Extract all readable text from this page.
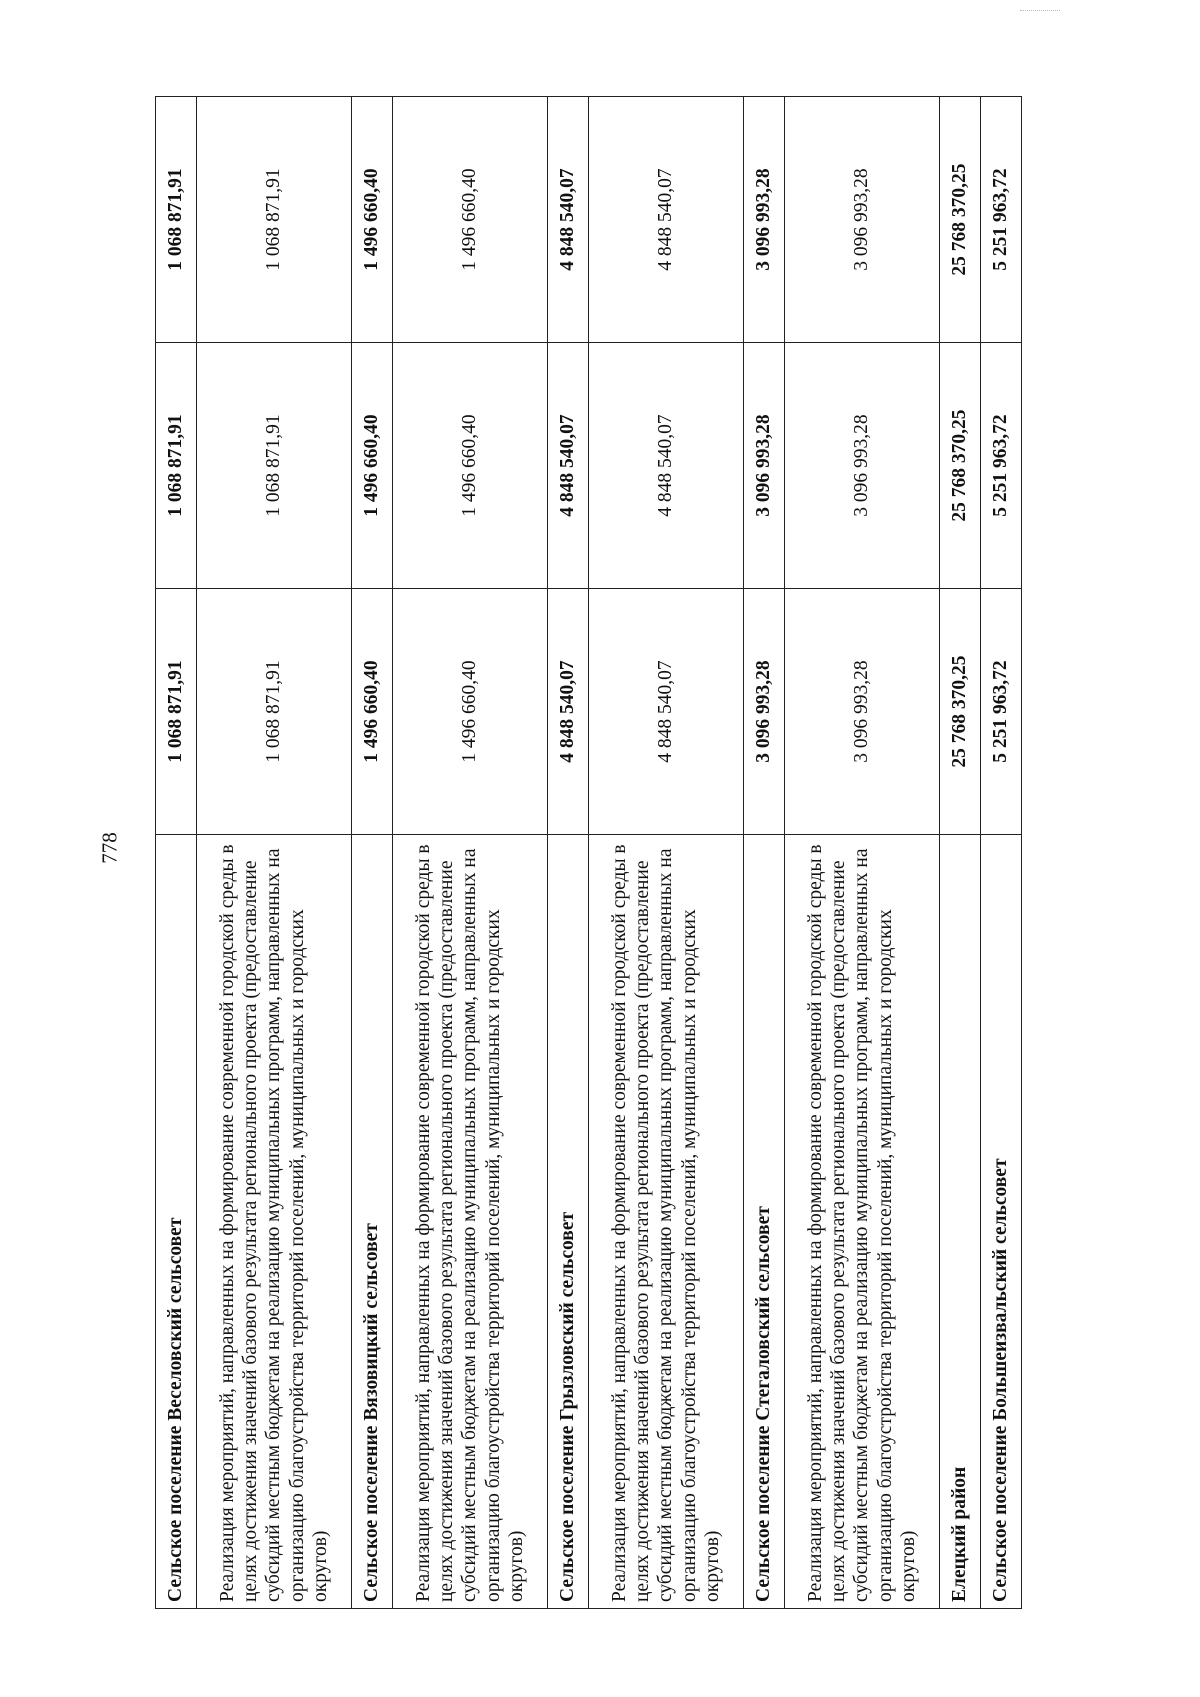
778
Сельское поселение Веселовский сельсовет	1 068 871,91	1 068 871,91	1 068 871,91
Реализация мероприятий, направленных на формирование современной городской среды в целях достижения значений базового результата регионального проекта (предоставление субсидий местным бюджетам на реализацию муниципальных программ, направленных на организацию благоустройства территорий поселений, муниципальных и городских округов)	1 068 871,91	1 068 871,91	1 068 871,91
Сельское поселение Вязовицкий сельсовет	1 496 660,40	1 496 660,40	1 496 660,40
Реализация мероприятий, направленных на формирование современной городской среды в целях достижения значений базового результата регионального проекта (предоставление субсидий местным бюджетам на реализацию муниципальных программ, направленных на организацию благоустройства территорий поселений, муниципальных и городских округов)	1 496 660,40	1 496 660,40	1 496 660,40
Сельское поселение Грызловский сельсовет	4 848 540,07	4 848 540,07	4 848 540,07
Реализация мероприятий, направленных на формирование современной городской среды в целях достижения значений базового результата регионального проекта (предоставление субсидий местным бюджетам на реализацию муниципальных программ, направленных на организацию благоустройства территорий поселений, муниципальных и городских округов)	4 848 540,07	4 848 540,07	4 848 540,07
Сельское поселение Стегаловский сельсовет	3 096 993,28	3 096 993,28	3 096 993,28
Реализация мероприятий, направленных на формирование современной городской среды в целях достижения значений базового результата регионального проекта (предоставление субсидий местным бюджетам на реализацию муниципальных программ, направленных на организацию благоустройства территорий поселений, муниципальных и городских округов)	3 096 993,28	3 096 993,28	3 096 993,28
Елецкий район	25 768 370,25	25 768 370,25	25 768 370,25
Сельское поселение Большеизвальский сельсовет	5 251 963,72	5 251 963,72	5 251 963,72
